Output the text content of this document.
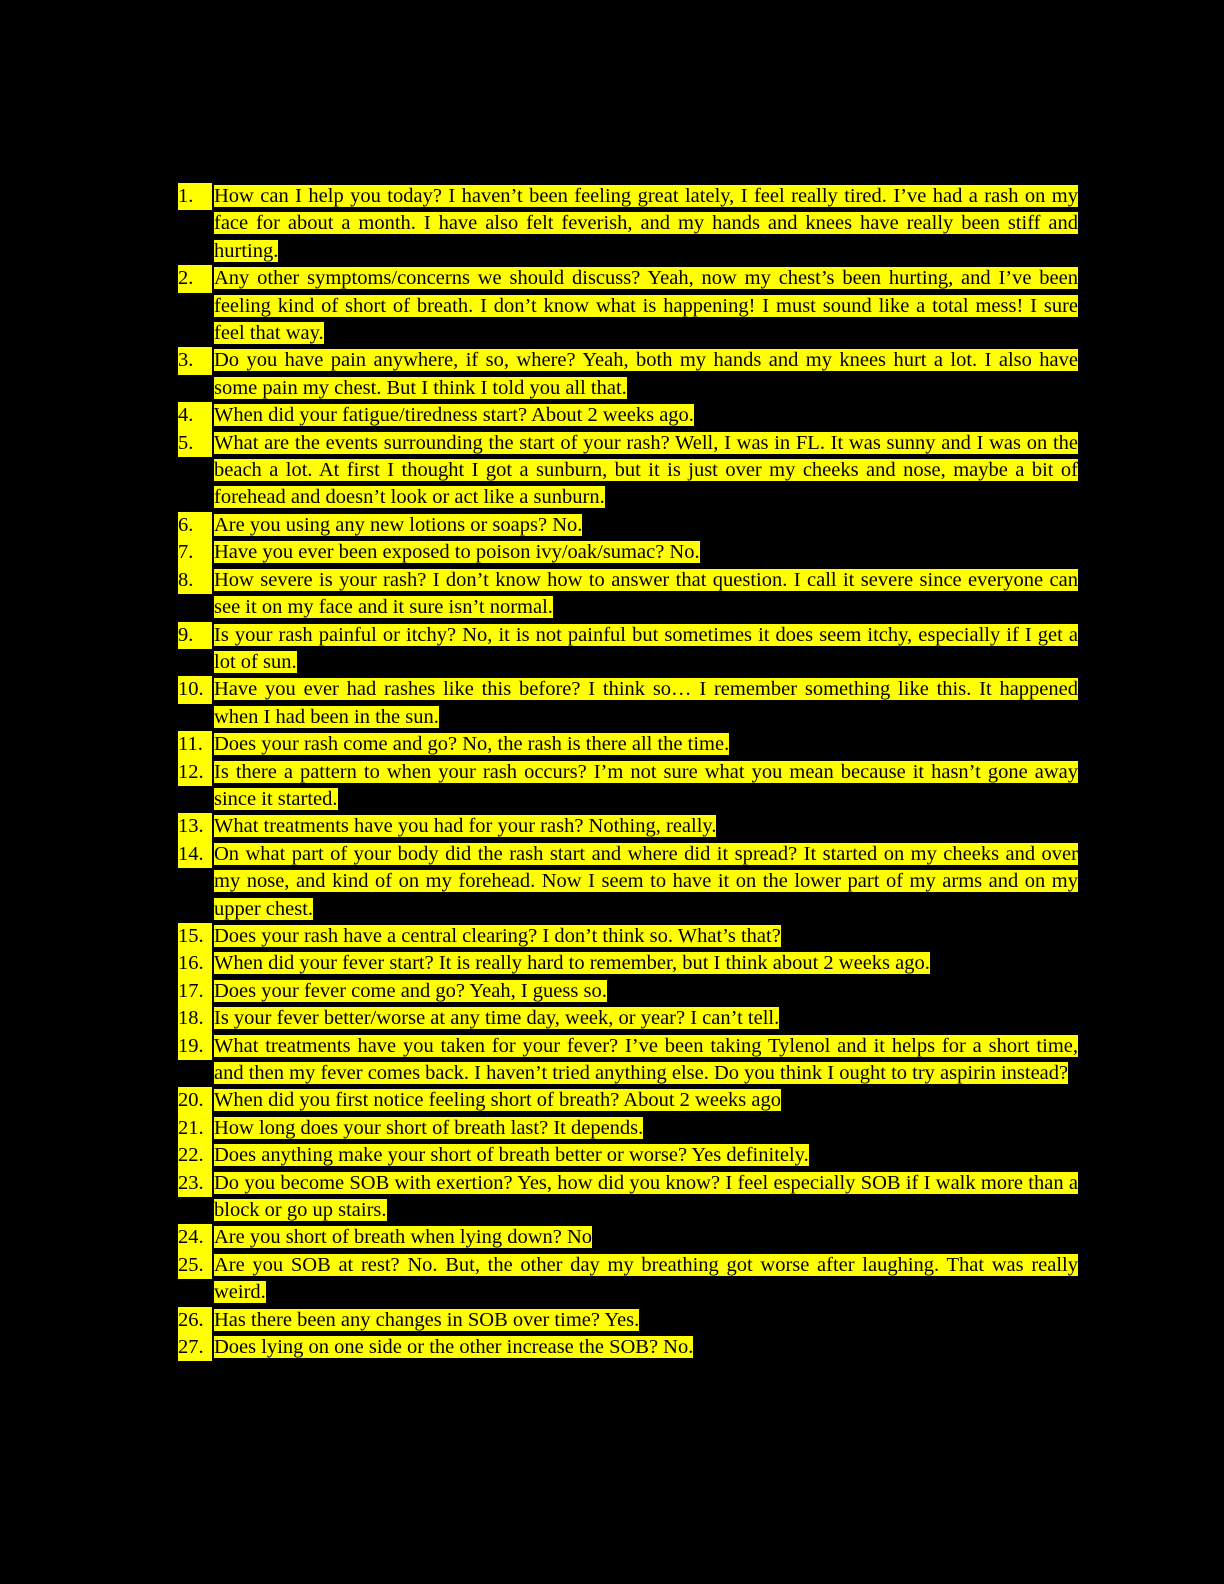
1.	How can I help you today? I haven’t been feeling great lately, I feel really tired. I’ve had a rash on my face for about a month. I have also felt feverish, and my hands and knees have really been stiff and hurting.
2.	Any other symptoms/concerns we should discuss? Yeah, now my chest’s been hurting, and I’ve been feeling kind of short of breath. I don’t know what is happening! I must sound like a total mess! I sure feel that way.
3.	Do you have pain anywhere, if so, where? Yeah, both my hands and my knees hurt a lot. I also have some pain my chest. But I think I told you all that.
4.	When did your fatigue/tiredness start? About 2 weeks ago.
5.	What are the events surrounding the start of your rash? Well, I was in FL. It was sunny and I was on the beach a lot. At first I thought I got a sunburn, but it is just over my cheeks and nose, maybe a bit of forehead and doesn’t look or act like a sunburn.
6.	Are you using any new lotions or soaps? No.
7.	Have you ever been exposed to poison ivy/oak/sumac? No.
8.	How severe is your rash? I don’t know how to answer that question. I call it severe since everyone can see it on my face and it sure isn’t normal.
9.	Is your rash painful or itchy? No, it is not painful but sometimes it does seem itchy, especially if I get a lot of sun.
10. Have you ever had rashes like this before? I think so… I remember something like this. It happened when I had been in the sun.
11. Does your rash come and go? No, the rash is there all the time.
12. Is there a pattern to when your rash occurs? I’m not sure what you mean because it hasn’t gone away since it started.
13. What treatments have you had for your rash? Nothing, really.
14. On what part of your body did the rash start and where did it spread? It started on my cheeks and over my nose, and kind of on my forehead. Now I seem to have it on the lower part of my arms and on my upper chest.
15. Does your rash have a central clearing? I don’t think so. What’s that?
16. When did your fever start? It is really hard to remember, but I think about 2 weeks ago.
17. Does your fever come and go? Yeah, I guess so.
18. Is your fever better/worse at any time day, week, or year? I can’t tell.
19. What treatments have you taken for your fever? I’ve been taking Tylenol and it helps for a short time, and then my fever comes back. I haven’t tried anything else. Do you think I ought to try aspirin instead?
20. When did you first notice feeling short of breath? About 2 weeks ago
21. How long does your short of breath last? It depends.
22. Does anything make your short of breath better or worse? Yes definitely.
23. Do you become SOB with exertion? Yes, how did you know? I feel especially SOB if I walk more than a block or go up stairs.
24. Are you short of breath when lying down? No
25. Are you SOB at rest? No. But, the other day my breathing got worse after laughing. That was really weird.
26. Has there been any changes in SOB over time? Yes.
27. Does lying on one side or the other increase the SOB? No.
